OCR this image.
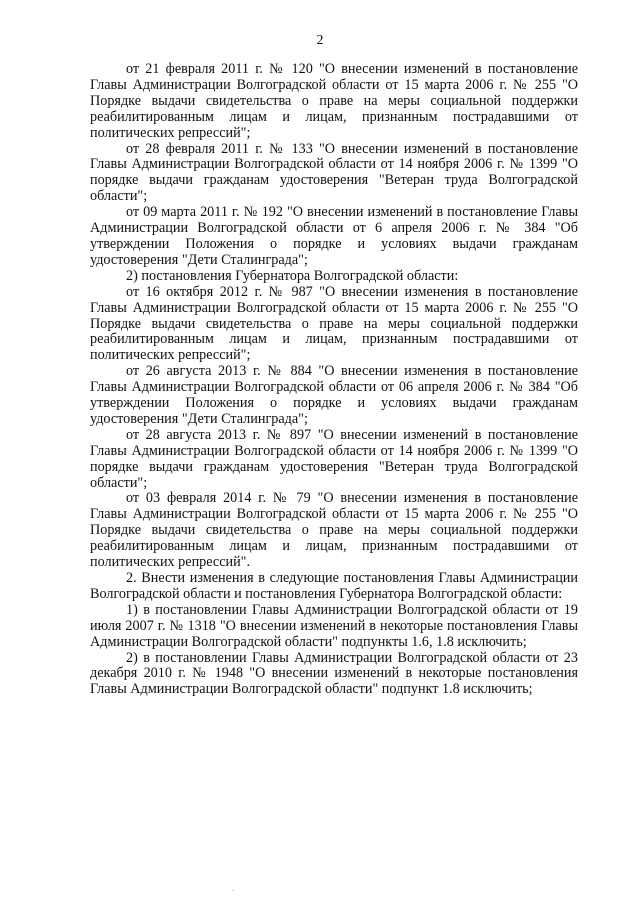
2

от 21 февраля 2011 г. № 120 "О внесении изменений в постановление Главы Администрации Волгоградской области от 15 марта 2006 г. № 255 "О Порядке выдачи свидетельства о праве на меры социальной поддержки реабилитированным лицам и лицам, признанным пострадавшими от политических репрессий";

от 28 февраля 2011 г. № 133 "О внесении изменений в постановление Главы Администрации Волгоградской области от 14 ноября 2006 г. № 1399 "О порядке выдачи гражданам удостоверения "Ветеран труда Волгоградской области";

от 09 марта 2011 г. № 192 "О внесении изменений в постановление Главы Администрации Волгоградской области от 6 апреля 2006 г. № 384 "Об утверждении Положения о порядке и условиях выдачи гражданам удостоверения "Дети Сталинграда";

2) постановления Губернатора Волгоградской области:

от 16 октября 2012 г. № 987 "О внесении изменения в постановление Главы Администрации Волгоградской области от 15 марта 2006 г. № 255 "О Порядке выдачи свидетельства о праве на меры социальной поддержки реабилитированным лицам и лицам, признанным пострадавшими от политических репрессий";

от 26 августа 2013 г. № 884 "О внесении изменения в постановление Главы Администрации Волгоградской области от 06 апреля 2006 г. № 384 "Об утверждении Положения о порядке и условиях выдачи гражданам удостоверения "Дети Сталинграда";

от 28 августа 2013 г. № 897 "О внесении изменений в постановление Главы Администрации Волгоградской области от 14 ноября 2006 г. № 1399 "О порядке выдачи гражданам удостоверения "Ветеран труда Волгоградской области";

от 03 февраля 2014 г. № 79 "О внесении изменения в постановление Главы Администрации Волгоградской области от 15 марта 2006 г. № 255 "О Порядке выдачи свидетельства о праве на меры социальной поддержки реабилитированным лицам и лицам, признанным пострадавшими от политических репрессий".

2. Внести изменения в следующие постановления Главы Администрации Волгоградской области и постановления Губернатора Волгоградской области:

1) в постановлении Главы Администрации Волгоградской области от 19 июля 2007 г. № 1318 "О внесении изменений в некоторые постановления Главы Администрации Волгоградской области" подпункты 1.6, 1.8 исключить;

2) в постановлении Главы Администрации Волгоградской области от 23 декабря 2010 г. № 1948 "О внесении изменений в некоторые постановления Главы Администрации Волгоградской области" подпункт 1.8 исключить;

.
